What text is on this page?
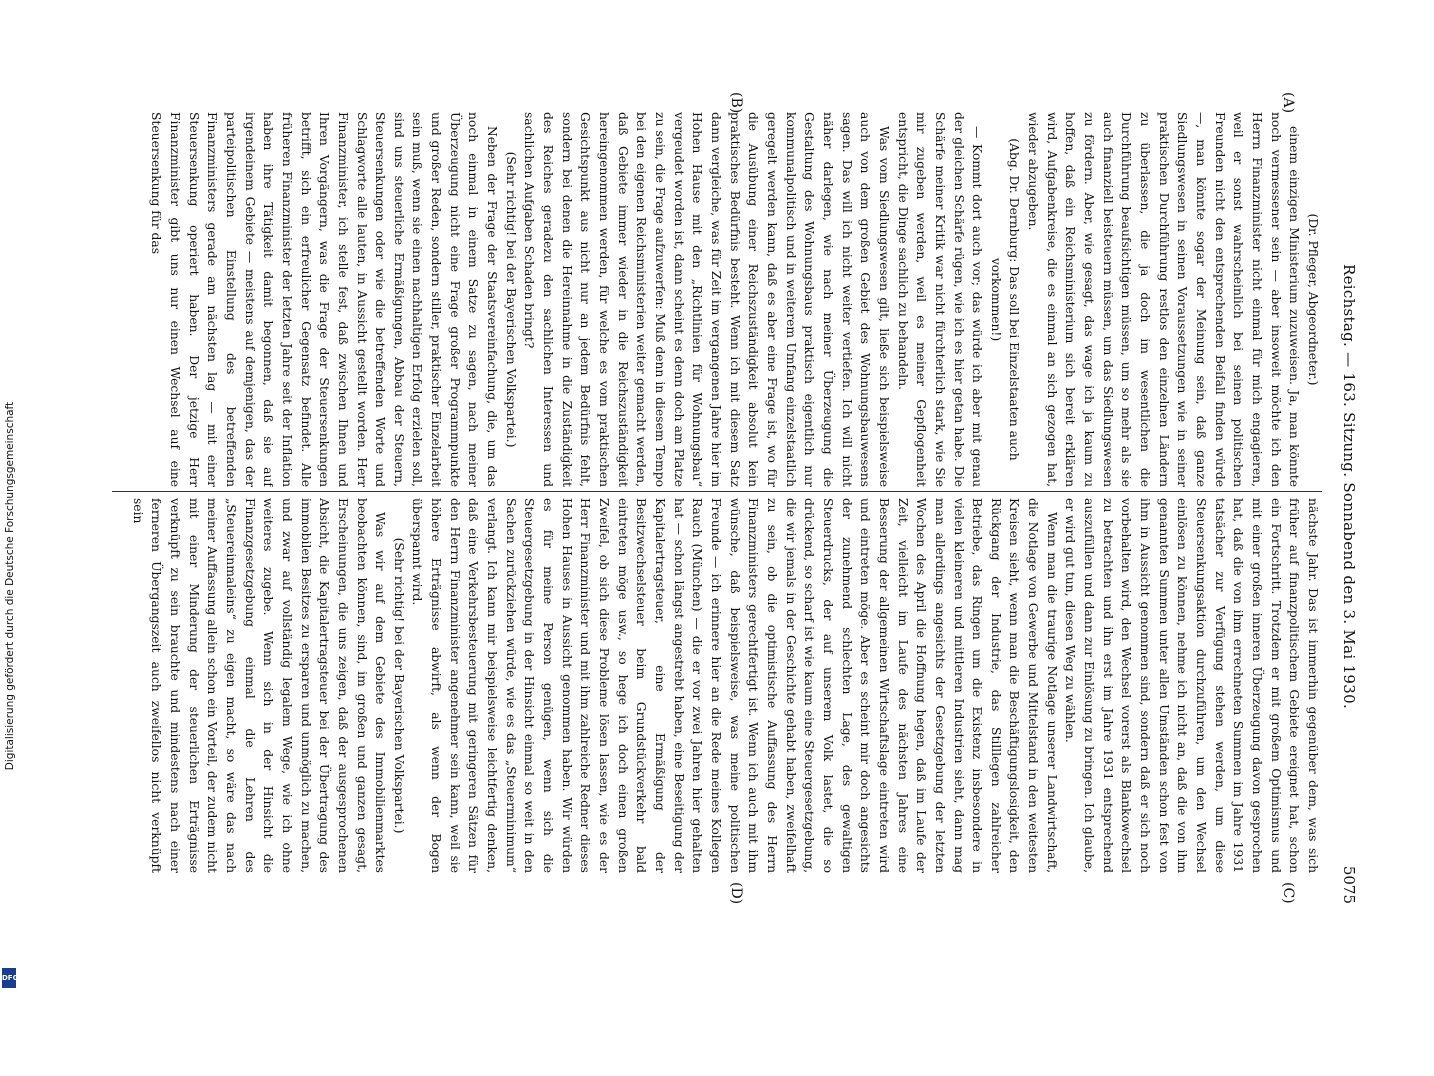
Reichstag. — 163. Sitzung. Sonnabend den 3. Mai 1930.
5075
(A)
(B)
(C)
(D)

(Dr. Pfleger, Abgeordneter.)

einem einzigen Ministerium zuzuweisen. Ja, man könnte noch vermessener sein — aber insoweit möchte ich den Herrn Finanzminister nicht einmal für mich engagieren, weil er sonst wahrscheinlich bei seinen politischen Freunden nicht den entsprechenden Beifall finden würde —, man könnte sogar der Meinung sein, daß ganze Siedlungswesen in seinen Voraussetzungen wie in seiner praktischen Durchführung restlos den einzelnen Ländern zu überlassen, die ja doch im wesentlichen die Durchführung beaufsichtigen müssen, um so mehr als sie auch finanziell beisteuern müssen, um das Siedlungswesen zu fördern. Aber, wie gesagt, das wage ich ja kaum zu hoffen, daß ein Reichsministerium sich bereit erklären wird, Aufgabenkreise, die es einmal an sich gezogen hat, wieder abzugeben.

(Abg. Dr. Dernburg: Das soll bei Einzelstaaten auch vorkommen!)

— Kommt dort auch vor; das würde ich aber mit genau der gleichen Schärfe rügen, wie ich es hier getan habe. Die Schärfe meiner Kritik war nicht fürchterlich stark, wie Sie mir zugeben werden, weil es meiner Gepflogenheit entspricht, die Dinge sachlich zu behandeln.

Was vom Siedlungswesen gilt, ließe sich beispielsweise auch von dem großen Gebiet des Wohnungsbauwesens sagen. Das will ich nicht weiter vertiefen. Ich will nicht näher darlegen, wie nach meiner Überzeugung die Gestaltung des Wohnungsbaus praktisch eigentlich nur kommunalpolitisch und in weiterem Umfang einzelstaatlich geregelt werden kann, daß es aber eine Frage ist, wo für die Ausübung einer Reichszuständigkeit absolut kein praktisches Bedürfnis besteht. Wenn ich mit diesem Satz dann vergleiche, was für Zeit im vergangenen Jahre hier im Hohen Hause mit den „Richtlinien für Wohnungsbau“ vergeudet worden ist, dann scheint es denn doch am Platze zu sein, die Frage aufzuwerfen: Muß denn in diesem Tempo bei den eigenen Reichsministerien weiter gemacht werden, daß Gebiete immer wieder in die Reichszuständigkeit hereingenommen werden, für welche es vom praktischen Gesichtspunkt aus nicht nur an jedem Bedürfnis fehlt, sondern bei denen die Hereinnahme in die Zuständigkeit des Reiches geradezu den sachlichen Interessen und sachlichen Aufgaben Schaden bringt?

(Sehr richtig! bei der Bayerischen Volkspartei.)

Neben der Frage der Staatsvereinfachung, die, um das noch einmal in einem Satze zu sagen, nach meiner Überzeugung nicht eine Frage großer Programmpunkte und großer Reden, sondern stiller, praktischer Einzelarbeit sein muß, wenn sie einen nachhaltigen Erfolg erzielen soll, sind uns steuerliche Ermäßigungen, Abbau der Steuern, Steuersenkungen oder wie die betreffenden Worte und Schlagworte alle lauten, in Aussicht gestellt worden. Herr Finanzminister, ich stelle fest, daß zwischen Ihnen und Ihren Vorgängern, was die Frage der Steuersenkungen betrifft, sich ein erfreulicher Gegensatz befindet. Alle früheren Finanzminister der letzten Jahre seit der Inflation haben ihre Tätigkeit damit begonnen, daß sie auf irgendeinem Gebiete — meistens auf demjenigen, das der parteipolitischen Einstellung des betreffenden Finanzministers gerade am nächsten lag — mit einer Steuersenkung operiert haben. Der jetzige Herr Finanzminister gibt uns nur einen Wechsel auf eine Steuersenkung für das

nächste Jahr. Das ist immerhin gegenüber dem, was sich früher auf finanzpolitischem Gebiete ereignet hat, schon ein Fortschritt. Trotzdem er mit großem Optimismus und mit einer großen inneren Überzeugung davon gesprochen hat, daß die von ihm errechneten Summen im Jahre 1931 tatsächer zur Verfügung stehen werden, um diese Steuersenkungsaktion durchzuführen, um den Wechsel einlösen zu können, nehme ich nicht an, daß die von ihm genannten Summen unter allen Umständen schon fest von ihm in Aussicht genommen sind, sondern daß er sich noch vorbehalten wird, den Wechsel vorerst als Blankowechsel zu betrachten und ihn erst im Jahre 1931 entsprechend auszufüllen und dann zur Einlösung zu bringen. Ich glaube, er wird gut tun, diesen Weg zu wählen.

Wenn man die traurige Notlage unserer Landwirtschaft, die Notlage von Gewerbe und Mittelstand in den weitesten Kreisen sieht, wenn man die Beschäftigungslosigkeit, den Rückgang der Industrie, das Stilllegen zahlreicher Betriebe, das Ringen um die Existenz insbesondere in vielen kleineren und mittleren Industrien sieht, dann mag man allerdings angesichts der Gesetzgebung der letzten Wochen des April die Hoffnung hegen, daß im Laufe der Zeit, vielleicht im Laufe des nächsten Jahres eine Besserung der allgemeinen Wirtschaftslage eintreten wird und eintreten möge. Aber es scheint mir doch angesichts der zunehmend schlechten Lage, des gewaltigen Steuerdrucks, der auf unserem Volk lastet, die so drückend, so scharf ist wie kaum eine Steuergesetzgebung, die wir jemals in der Geschichte gehabt haben, zweifelhaft zu sein, ob die optimistische Auffassung des Herrn Finanzministers gerechtfertigt ist. Wenn ich auch mit ihm wünsche, daß beispielsweise, was meine politischen Freunde — ich erinnere hier an die Rede meines Kollegen Rauch (München) — die er vor zwei Jahren hier gehalten hat — schon längst angestrebt haben, eine Beseitigung der Kapitalertragsteuer, eine Ermäßigung der Besitzwechselsteuer beim Grundstückverkehr bald eintreten möge usw., so hege ich doch einen großen Zweifel, ob sich diese Probleme lösen lassen, wie es der Herr Finanzminister und mit ihm zahlreiche Redner dieses Hohen Hauses in Aussicht genommen haben. Wir würden es für meine Person genügen, wenn sich die Steuergesetzgebung in der Hinsicht einmal so weit in den Sachen zurückziehen würde, wie es das „Steuerminimum“ verlangt. Ich kann mir beispielsweise leichtfertig denken, daß eine Verkehrsbesteuerung mit geringeren Sätzen für den Herrn Finanzminister angenehmer sein kann, weil sie höhere Erträgnisse abwirft, als wenn der Bogen überspannt wird.

(Sehr richtig! bei der Bayerischen Volkspartei.)

Was wir auf dem Gebiete des Immobilienmarktes beobachten können, sind, im großen und ganzen gesagt, Erscheinungen, die uns zeigen, daß der ausgesprochenen Absicht, die Kapitalertragsteuer bei der Übertragung des immobilen Besitzes zu ersparen und unmöglich zu machen, und zwar auf vollständig legalem Wege, wie ich ohne weiteres zugebe. Wenn sich in der Hinsicht die Finanzgesetzgebung einmal die Lehren des „Steuereinmaleins“ zu eigen macht, so wäre das nach meiner Auffassung allein schon ein Vorteil, der zudem nicht mit einer Minderung der steuerlichen Erträgnisse verknüpft zu sein brauchte und mindestens nach einer ferneren Übergangszeit auch zweifellos nicht verknüpft sein

Digitalisierung gefördert durch die Deutsche Forschungsgemeinschaft
DFG
